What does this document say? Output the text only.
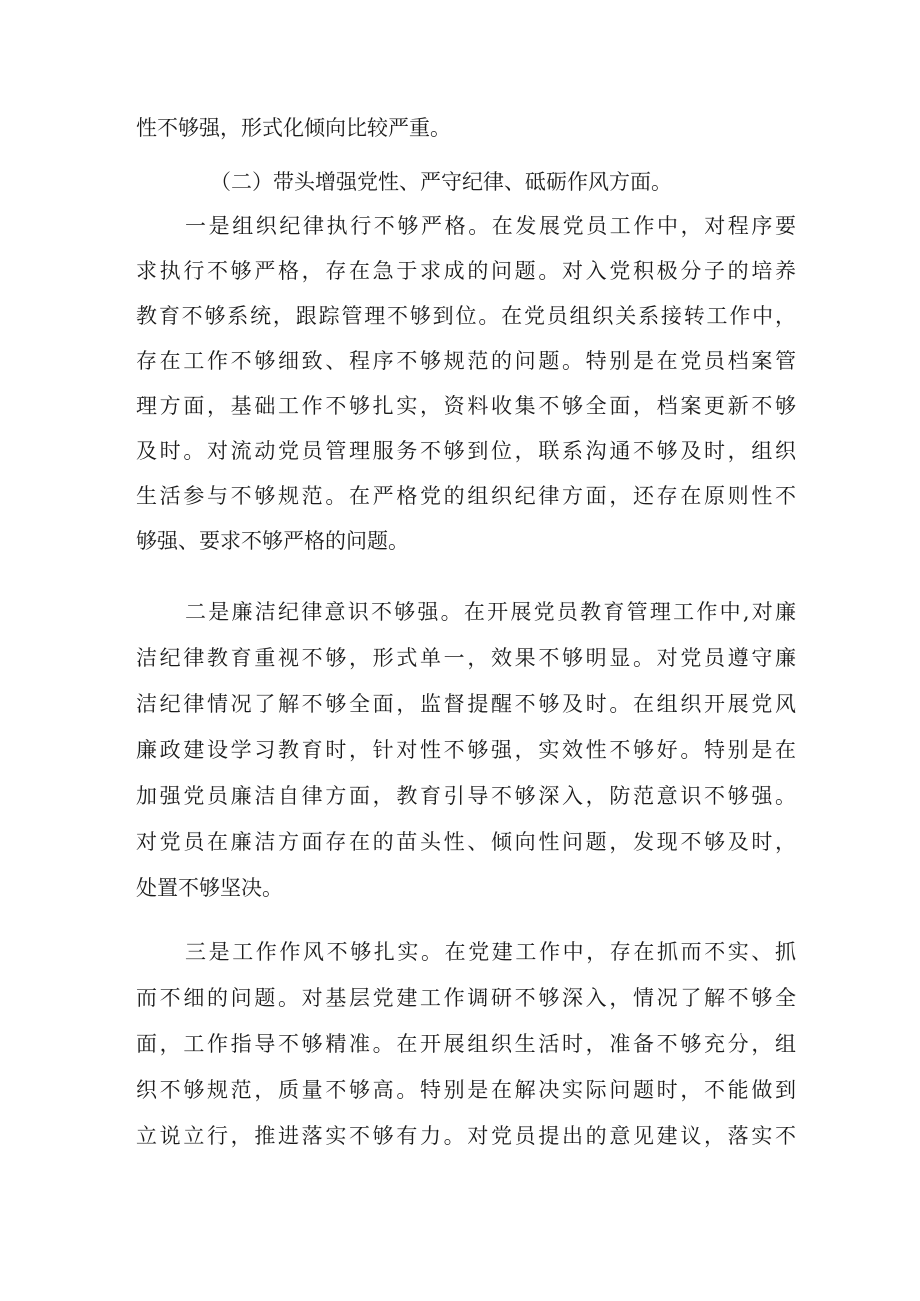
性不够强，形式化倾向比较严重。
（二）带头增强党性、严守纪律、砥砺作风方面。
一是组织纪律执行不够严格。在发展党员工作中，对程序要
求执行不够严格，存在急于求成的问题。对入党积极分子的培养
教育不够系统，跟踪管理不够到位。在党员组织关系接转工作中，
存在工作不够细致、程序不够规范的问题。特别是在党员档案管
理方面，基础工作不够扎实，资料收集不够全面，档案更新不够
及时。对流动党员管理服务不够到位，联系沟通不够及时，组织
生活参与不够规范。在严格党的组织纪律方面，还存在原则性不
够强、要求不够严格的问题。
二是廉洁纪律意识不够强。在开展党员教育管理工作中,对廉
洁纪律教育重视不够，形式单一，效果不够明显。对党员遵守廉
洁纪律情况了解不够全面，监督提醒不够及时。在组织开展党风
廉政建设学习教育时，针对性不够强，实效性不够好。特别是在
加强党员廉洁自律方面，教育引导不够深入，防范意识不够强。
对党员在廉洁方面存在的苗头性、倾向性问题，发现不够及时，
处置不够坚决。
三是工作作风不够扎实。在党建工作中，存在抓而不实、抓
而不细的问题。对基层党建工作调研不够深入，情况了解不够全
面，工作指导不够精准。在开展组织生活时，准备不够充分，组
织不够规范，质量不够高。特别是在解决实际问题时，不能做到
立说立行，推进落实不够有力。对党员提出的意见建议，落实不
